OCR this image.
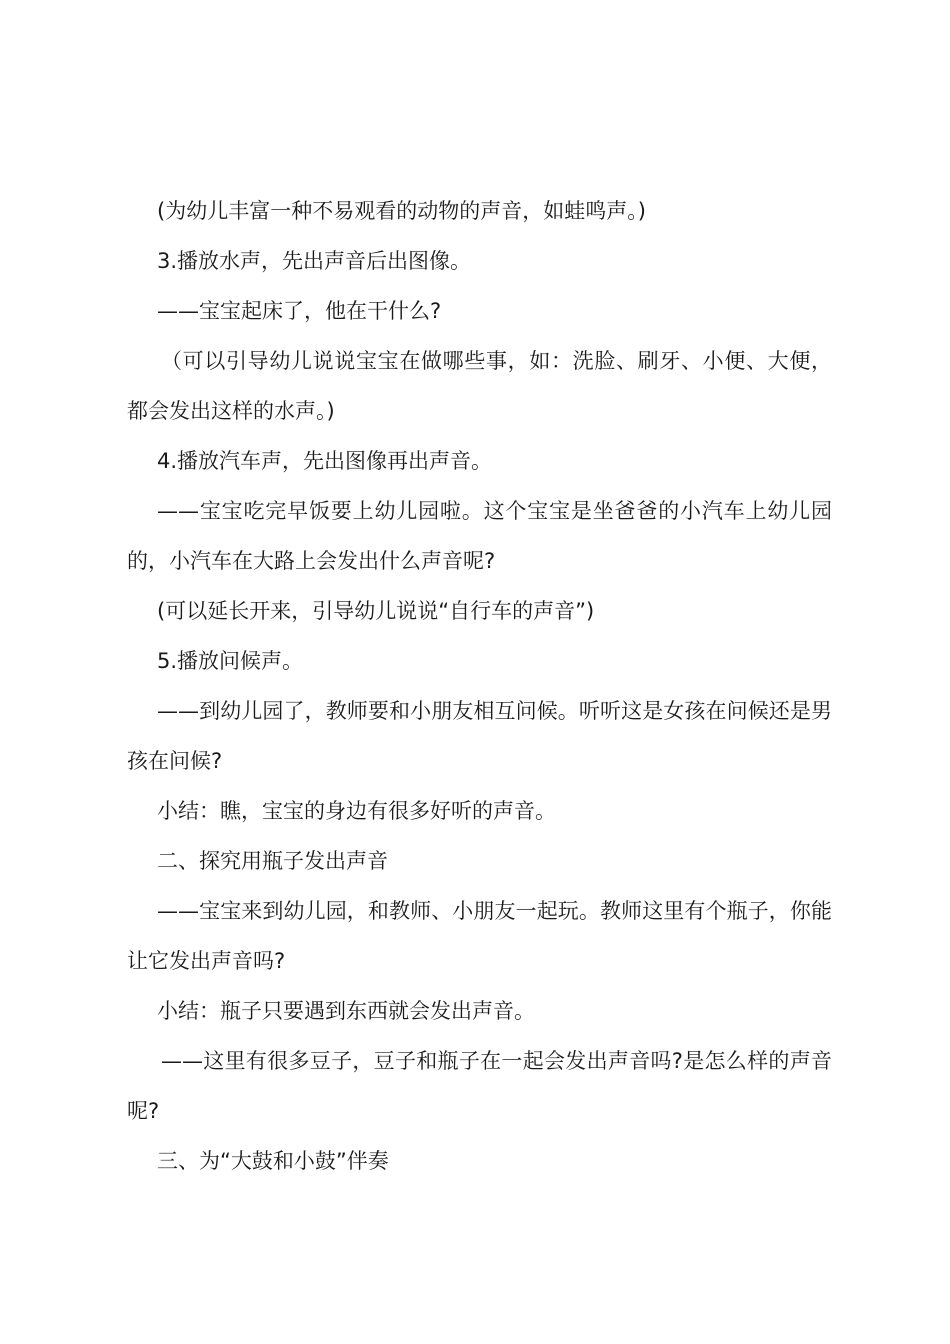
(为幼儿丰富一种不易观看的动物的声音，如蛙鸣声。)

3.播放水声，先出声音后出图像。

——宝宝起床了，他在干什么?

（可以引导幼儿说说宝宝在做哪些事，如：洗脸、刷牙、小便、大便，都会发出这样的水声。)

4.播放汽车声，先出图像再出声音。

——宝宝吃完早饭要上幼儿园啦。这个宝宝是坐爸爸的小汽车上幼儿园的，小汽车在大路上会发出什么声音呢?

(可以延长开来，引导幼儿说说“自行车的声音”)

5.播放问候声。

——到幼儿园了，教师要和小朋友相互问候。听听这是女孩在问候还是男孩在问候?

小结：瞧，宝宝的身边有很多好听的声音。

二、探究用瓶子发出声音

——宝宝来到幼儿园，和教师、小朋友一起玩。教师这里有个瓶子，你能让它发出声音吗?

小结：瓶子只要遇到东西就会发出声音。

——这里有很多豆子，豆子和瓶子在一起会发出声音吗?是怎么样的声音呢?

三、为“大鼓和小鼓”伴奏
